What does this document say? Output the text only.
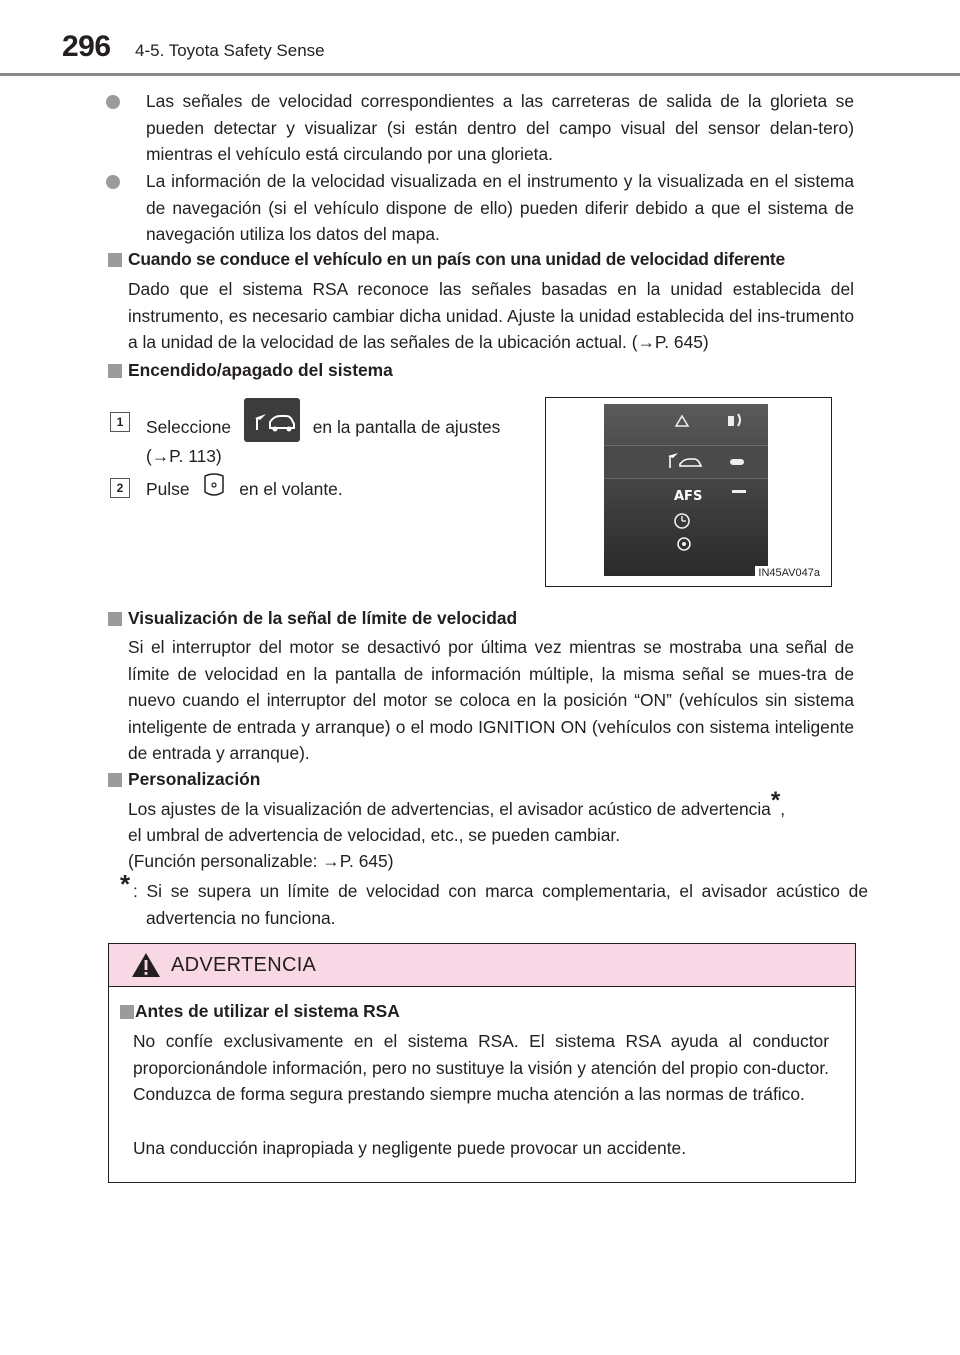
296 4-5. Toyota Safety Sense

Las señales de velocidad correspondientes a las carreteras de salida de la glorieta se pueden detectar y visualizar (si están dentro del campo visual del sensor delan-tero) mientras el vehículo está circulando por una glorieta.

La información de la velocidad visualizada en el instrumento y la visualizada en el sistema de navegación (si el vehículo dispone de ello) pueden diferir debido a que el sistema de navegación utiliza los datos del mapa.

Cuando se conduce el vehículo en un país con una unidad de velocidad diferente

Dado que el sistema RSA reconoce las señales basadas en la unidad establecida del instrumento, es necesario cambiar dicha unidad. Ajuste la unidad establecida del ins-trumento a la unidad de la velocidad de las señales de la ubicación actual. (→P. 645)

Encendido/apagado del sistema
1	Seleccione	en la pantalla de ajustes
(→P. 113)
2	Pulse	en el volante.	AFS
IN45AV047a
Visualización de la señal de límite de velocidad

Si el interruptor del motor se desactivó por última vez mientras se mostraba una señal de límite de velocidad en la pantalla de información múltiple, la misma señal se mues-tra de nuevo cuando el interruptor del motor se coloca en la posición “ON” (vehículos sin sistema inteligente de entrada y arranque) o el modo IGNITION ON (vehículos con sistema inteligente de entrada y arranque).

Personalización
Los ajustes de la visualización de advertencias, el avisador acústico de advertencia*,
el umbral de advertencia de velocidad, etc., se pueden cambiar.
(Función personalizable: →P. 645)
* : Si se supera un límite de velocidad con marca complementaria, el avisador acústico de advertencia no funciona.

ADVERTENCIA
Antes de utilizar el sistema RSA

No confíe exclusivamente en el sistema RSA. El sistema RSA ayuda al conductor proporcionándole información, pero no sustituye la visión y atención del propio con-ductor. Conduzca de forma segura prestando siempre mucha atención a las normas de tráfico.

Una conducción inapropiada y negligente puede provocar un accidente.
